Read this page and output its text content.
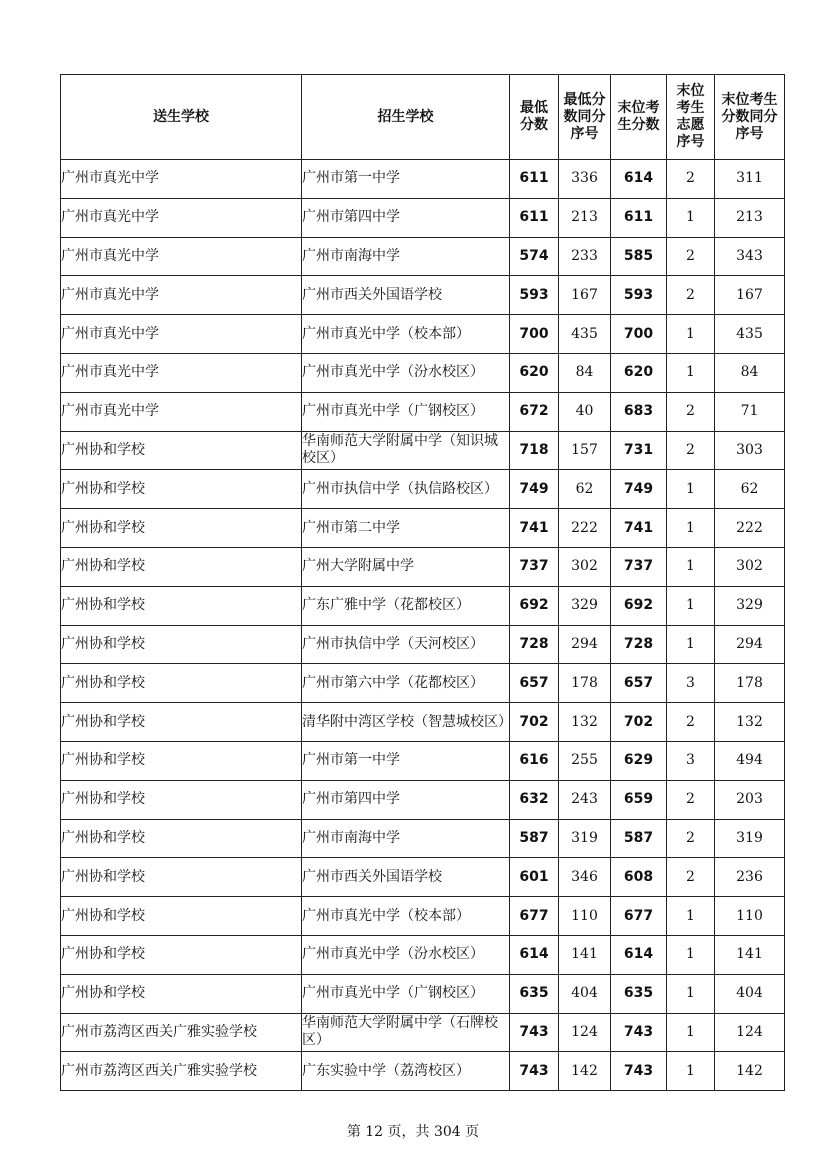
送生学校	招生学校	最低分数	最低分数同分序号	末位考生分数	末位考生志愿序号	末位考生分数同分序号
广州市真光中学	广州市第一中学	611	336	614	2	311
广州市真光中学	广州市第四中学	611	213	611	1	213
广州市真光中学	广州市南海中学	574	233	585	2	343
广州市真光中学	广州市西关外国语学校	593	167	593	2	167
广州市真光中学	广州市真光中学（校本部）	700	435	700	1	435
广州市真光中学	广州市真光中学（汾水校区）	620	84	620	1	84
广州市真光中学	广州市真光中学（广钢校区）	672	40	683	2	71
广州协和学校	华南师范大学附属中学（知识城校区）	718	157	731	2	303
广州协和学校	广州市执信中学（执信路校区）	749	62	749	1	62
广州协和学校	广州市第二中学	741	222	741	1	222
广州协和学校	广州大学附属中学	737	302	737	1	302
广州协和学校	广东广雅中学（花都校区）	692	329	692	1	329
广州协和学校	广州市执信中学（天河校区）	728	294	728	1	294
广州协和学校	广州市第六中学（花都校区）	657	178	657	3	178
广州协和学校	清华附中湾区学校（智慧城校区）	702	132	702	2	132
广州协和学校	广州市第一中学	616	255	629	3	494
广州协和学校	广州市第四中学	632	243	659	2	203
广州协和学校	广州市南海中学	587	319	587	2	319
广州协和学校	广州市西关外国语学校	601	346	608	2	236
广州协和学校	广州市真光中学（校本部）	677	110	677	1	110
广州协和学校	广州市真光中学（汾水校区）	614	141	614	1	141
广州协和学校	广州市真光中学（广钢校区）	635	404	635	1	404
广州市荔湾区西关广雅实验学校	华南师范大学附属中学（石牌校区）	743	124	743	1	124
广州市荔湾区西关广雅实验学校	广东实验中学（荔湾校区）	743	142	743	1	142
第 12 页，共 304 页
